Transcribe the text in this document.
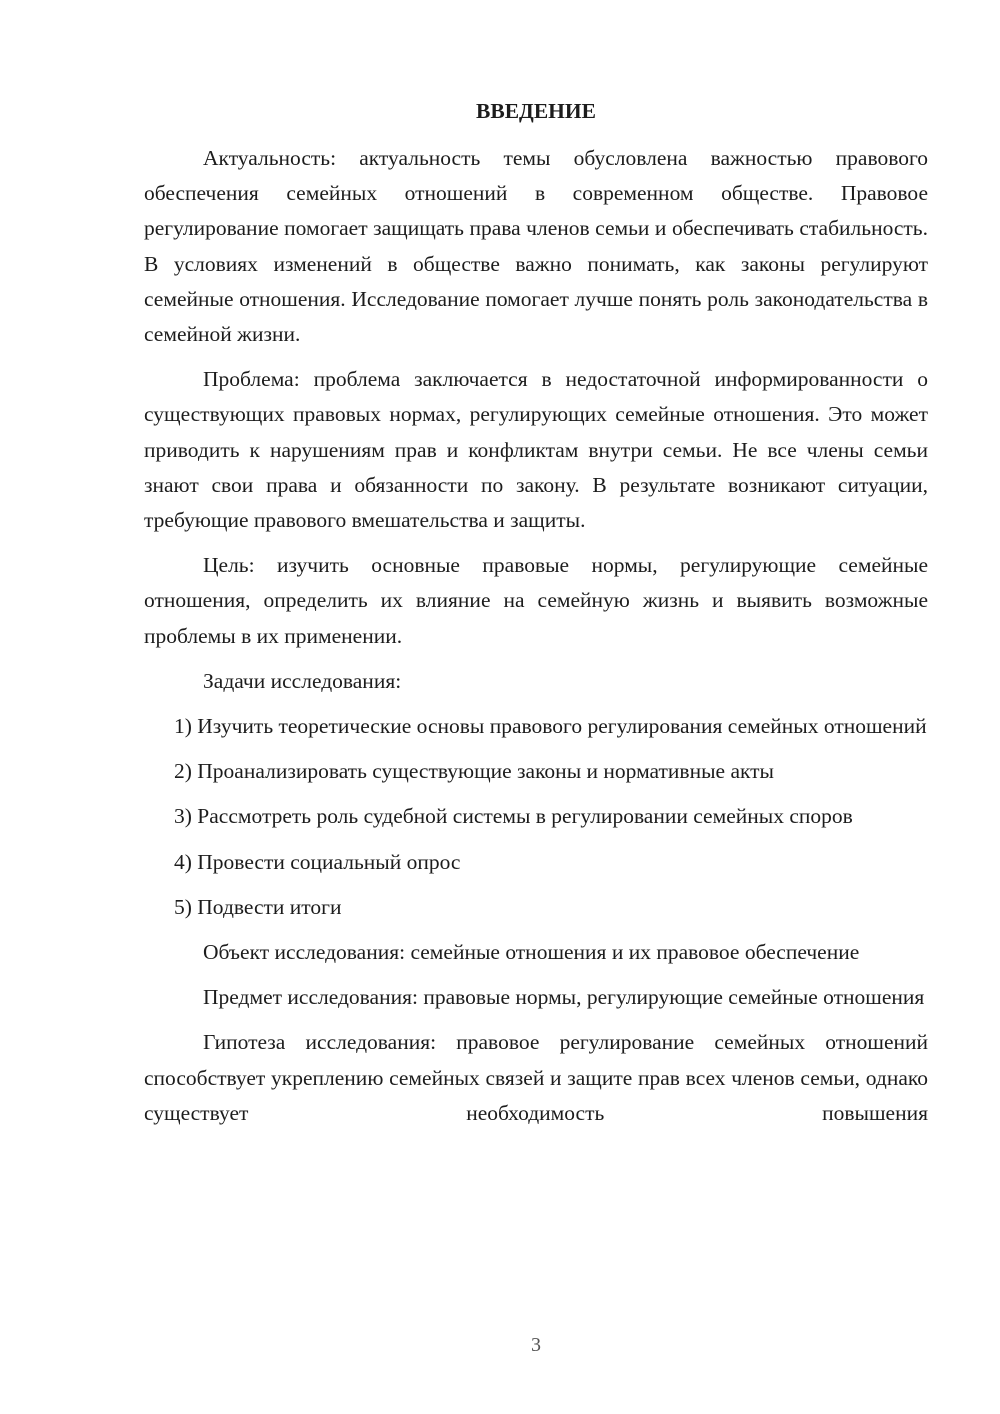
ВВЕДЕНИЕ

Актуальность: актуальность темы обусловлена важностью правового обеспечения семейных отношений в современном обществе. Правовое регулирование помогает защищать права членов семьи и обеспечивать стабильность. В условиях изменений в обществе важно понимать, как законы регулируют семейные отношения. Исследование помогает лучше понять роль законодательства в семейной жизни.

Проблема: проблема заключается в недостаточной информированности о существующих правовых нормах, регулирующих семейные отношения. Это может приводить к нарушениям прав и конфликтам внутри семьи. Не все члены семьи знают свои права и обязанности по закону. В результате возникают ситуации, требующие правового вмешательства и защиты.

Цель: изучить основные правовые нормы, регулирующие семейные отношения, определить их влияние на семейную жизнь и выявить возможные проблемы в их применении.

Задачи исследования:

1) Изучить теоретические основы правового регулирования семейных отношений

2) Проанализировать существующие законы и нормативные акты

3) Рассмотреть роль судебной системы в регулировании семейных споров

4) Провести социальный опрос

5) Подвести итоги

Объект исследования: семейные отношения и их правовое обеспечение

Предмет исследования: правовые нормы, регулирующие семейные отношения

Гипотеза исследования: правовое регулирование семейных отношений способствует укреплению семейных связей и защите прав всех членов семьи, однако существует необходимость повышения

3
